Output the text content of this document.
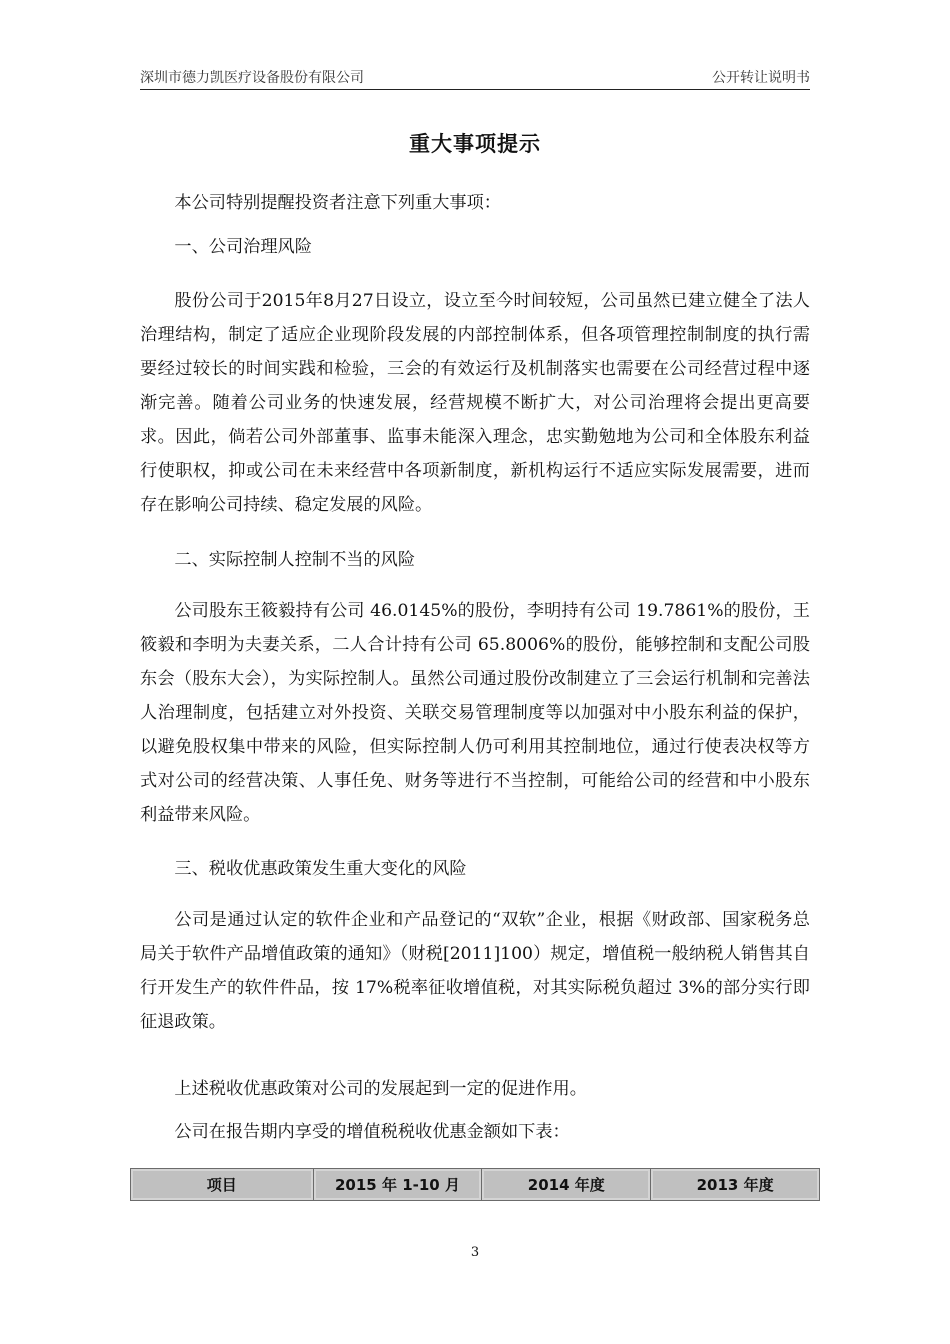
深圳市德力凯医疗设备股份有限公司	公开转让说明书
重大事项提示
本公司特别提醒投资者注意下列重大事项：
一、公司治理风险
股份公司于2015年8月27日设立，设立至今时间较短，公司虽然已建立健全了法人治理结构，制定了适应企业现阶段发展的内部控制体系，但各项管理控制制度的执行需要经过较长的时间实践和检验，三会的有效运行及机制落实也需要在公司经营过程中逐渐完善。随着公司业务的快速发展，经营规模不断扩大，对公司治理将会提出更高要求。因此，倘若公司外部董事、监事未能深入理念，忠实勤勉地为公司和全体股东利益行使职权，抑或公司在未来经营中各项新制度，新机构运行不适应实际发展需要，进而存在影响公司持续、稳定发展的风险。
二、实际控制人控制不当的风险
公司股东王筱毅持有公司 46.0145%的股份，李明持有公司 19.7861%的股份，王筱毅和李明为夫妻关系，二人合计持有公司 65.8006%的股份，能够控制和支配公司股东会（股东大会），为实际控制人。虽然公司通过股份改制建立了三会运行机制和完善法人治理制度，包括建立对外投资、关联交易管理制度等以加强对中小股东利益的保护，以避免股权集中带来的风险，但实际控制人仍可利用其控制地位，通过行使表决权等方式对公司的经营决策、人事任免、财务等进行不当控制，可能给公司的经营和中小股东利益带来风险。
三、税收优惠政策发生重大变化的风险
公司是通过认定的软件企业和产品登记的“双软”企业，根据《财政部、国家税务总局关于软件产品增值政策的通知》（财税[2011]100）规定，增值税一般纳税人销售其自行开发生产的软件件品，按 17%税率征收增值税，对其实际税负超过 3%的部分实行即征退政策。
上述税收优惠政策对公司的发展起到一定的促进作用。
公司在报告期内享受的增值税税收优惠金额如下表：
项目	2015 年 1-10 月	2014 年度	2013 年度
3
